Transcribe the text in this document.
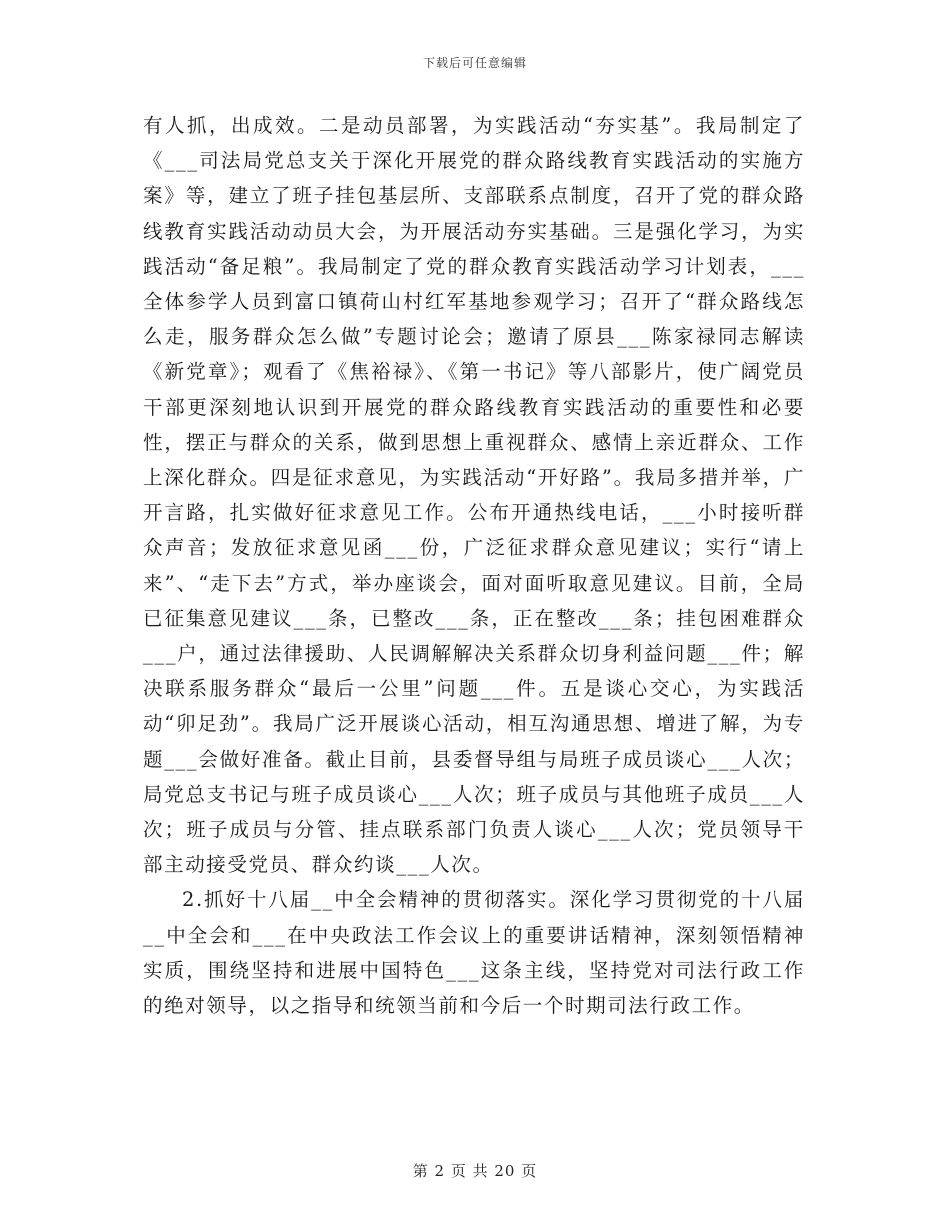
下载后可任意编辑

有人抓，出成效。二是动员部署，为实践活动“夯实基”。我局制定了《___司法局党总支关于深化开展党的群众路线教育实践活动的实施方案》等，建立了班子挂包基层所、支部联系点制度，召开了党的群众路线教育实践活动动员大会，为开展活动夯实基础。三是强化学习，为实践活动“备足粮”。我局制定了党的群众教育实践活动学习计划表，___全体参学人员到富口镇荷山村红军基地参观学习；召开了“群众路线怎么走，服务群众怎么做”专题讨论会；邀请了原县___陈家禄同志解读《新党章》；观看了《焦裕禄》、《第一书记》等八部影片，使广阔党员干部更深刻地认识到开展党的群众路线教育实践活动的重要性和必要性，摆正与群众的关系，做到思想上重视群众、感情上亲近群众、工作上深化群众。四是征求意见，为实践活动“开好路”。我局多措并举，广开言路，扎实做好征求意见工作。公布开通热线电话，___小时接听群众声音；发放征求意见函___份，广泛征求群众意见建议；实行“请上来”、“走下去”方式，举办座谈会，面对面听取意见建议。目前，全局已征集意见建议___条，已整改___条，正在整改___条；挂包困难群众___户，通过法律援助、人民调解解决关系群众切身利益问题___件；解决联系服务群众“最后一公里”问题___件。五是谈心交心，为实践活动“卯足劲”。我局广泛开展谈心活动，相互沟通思想、增进了解，为专题___会做好准备。截止目前，县委督导组与局班子成员谈心___人次；局党总支书记与班子成员谈心___人次；班子成员与其他班子成员___人次；班子成员与分管、挂点联系部门负责人谈心___人次；党员领导干部主动接受党员、群众约谈___人次。

2.抓好十八届__中全会精神的贯彻落实。深化学习贯彻党的十八届__中全会和___在中央政法工作会议上的重要讲话精神，深刻领悟精神实质，围绕坚持和进展中国特色___这条主线，坚持党对司法行政工作的绝对领导，以之指导和统领当前和今后一个时期司法行政工作。

第 2 页 共 20 页
